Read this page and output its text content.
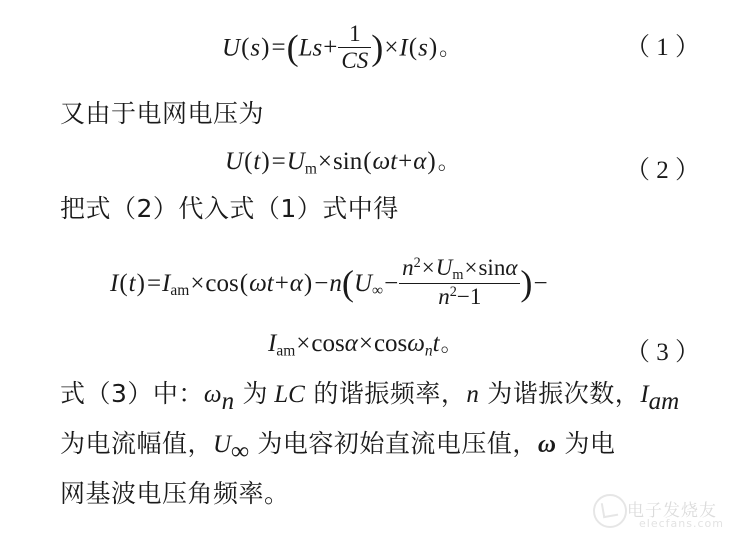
$U(s)=(Ls+ \frac{1}{CS} )\times I(s)$。	（ 1 ）
又由于电网电压为
$U(t)=U_m\times\sin(\omega t+\alpha)$。	（ 2 ）
把式（2）代入式（1）式中得
$I(t)=I_{am}\times\cos(\omega t+\alpha)-n(U_\infty- \frac{n^2\times U_m\times\sin\alpha}{n^2-1}$ )−
$I_{am}\times\cos\alpha\times\cos\omega_nt$。	（ 3 ）
式（3）中：$\omega_n$ 为 LC 的谐振频率，n 为谐振次数，$I_{am}$
为电流幅值，$U_\infty$ 为电容初始直流电压值，ω 为电
网基波电压角频率。
电子发烧友
elecfans.com
